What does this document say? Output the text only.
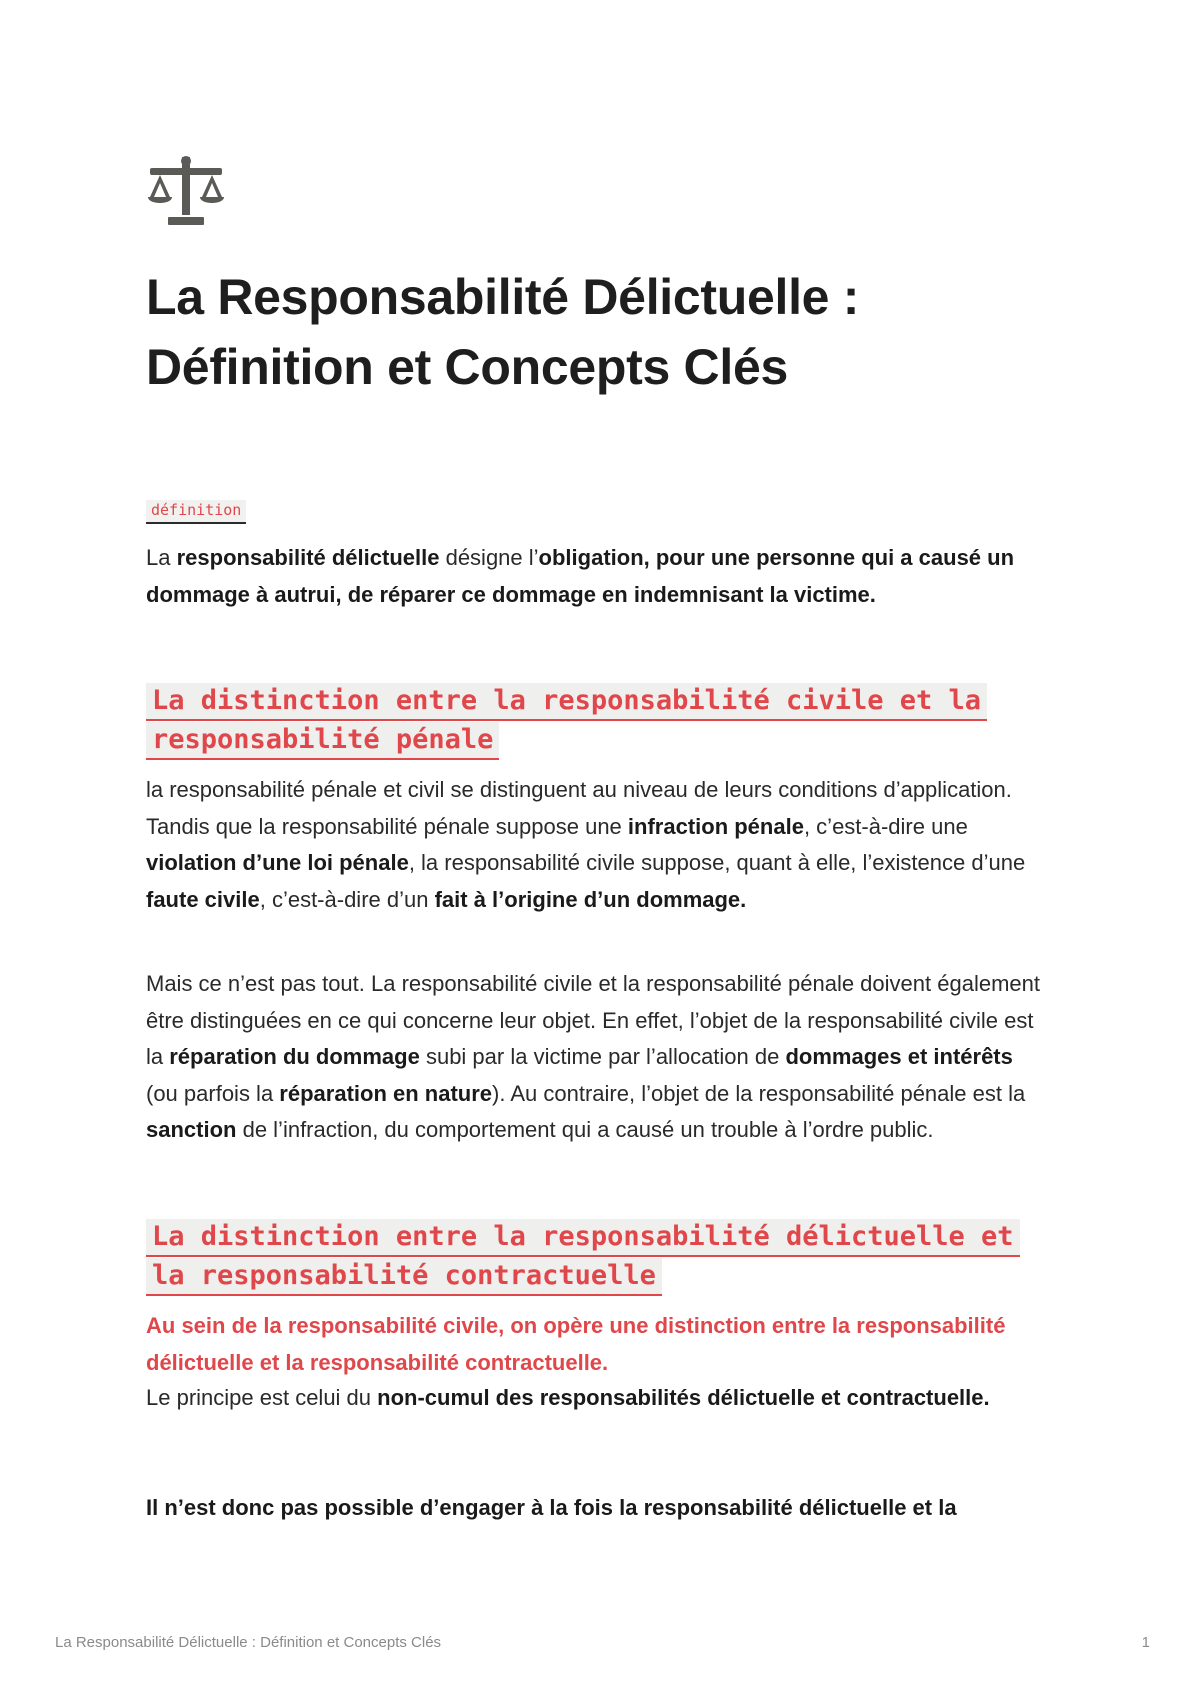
La Responsabilité Délictuelle : Définition et Concepts Clés
définition

La responsabilité délictuelle désigne l’obligation, pour une personne qui a causé un dommage à autrui, de réparer ce dommage en indemnisant la victime.

La distinction entre la responsabilité civile et la responsabilité pénale

la responsabilité pénale et civil se distinguent au niveau de leurs conditions d’application. Tandis que la responsabilité pénale suppose une infraction pénale, c’est-à-dire une violation d’une loi pénale, la responsabilité civile suppose, quant à elle, l’existence d’une faute civile, c’est-à-dire d’un fait à l’origine d’un dommage.

Mais ce n’est pas tout. La responsabilité civile et la responsabilité pénale doivent également être distinguées en ce qui concerne leur objet. En effet, l’objet de la responsabilité civile est la réparation du dommage subi par la victime par l’allocation de dommages et intérêts (ou parfois la réparation en nature). Au contraire, l’objet de la responsabilité pénale est la sanction de l’infraction, du comportement qui a causé un trouble à l’ordre public.

La distinction entre la responsabilité délictuelle et la responsabilité contractuelle

Au sein de la responsabilité civile, on opère une distinction entre la responsabilité délictuelle et la responsabilité contractuelle.

Le principe est celui du non-cumul des responsabilités délictuelle et contractuelle.

Il n’est donc pas possible d’engager à la fois la responsabilité délictuelle et la

La Responsabilité Délictuelle : Définition et Concepts Clés	1
